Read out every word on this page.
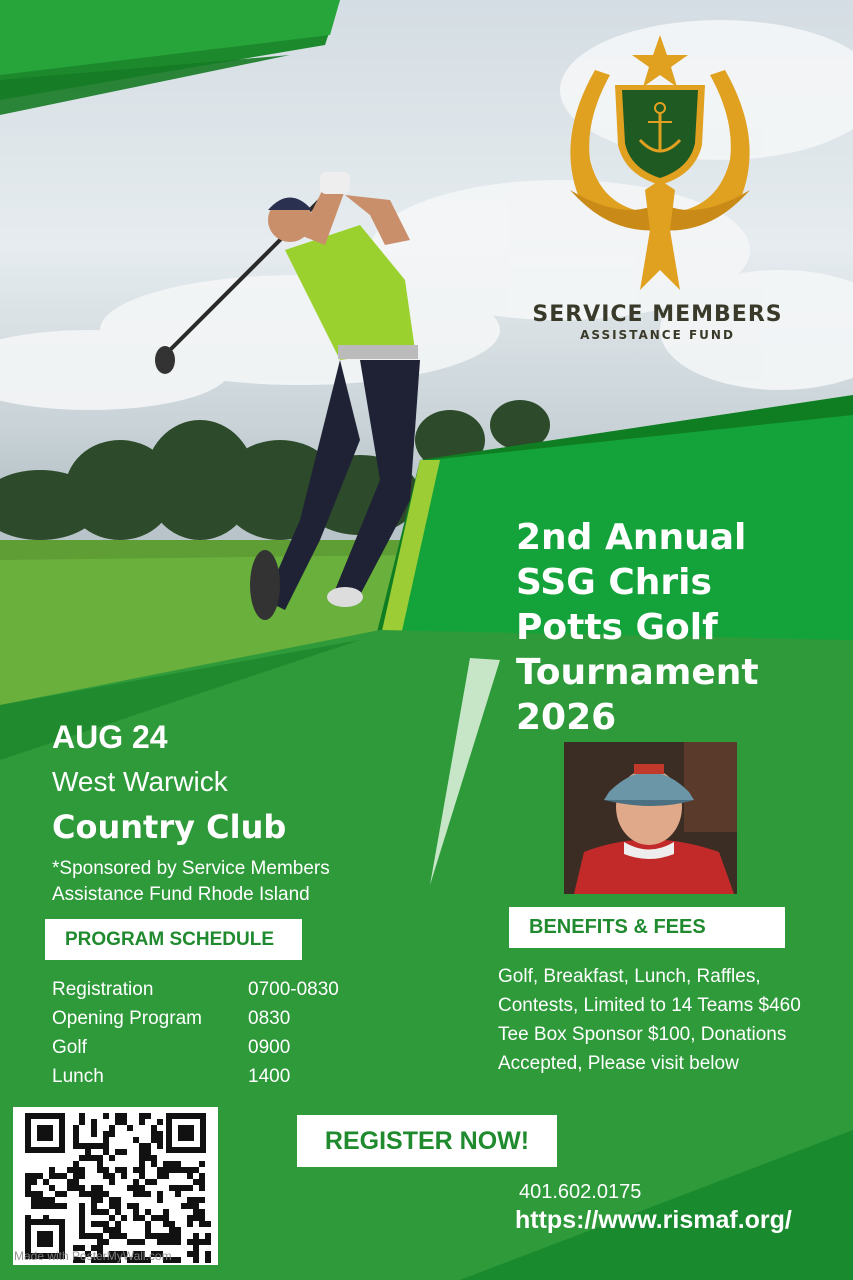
SERVICE MEMBERS
ASSISTANCE FUND
2nd Annual
SSG Chris
Potts Golf
Tournament
2026
AUG 24
West Warwick
Country Club
*Sponsored by Service Members
Assistance Fund Rhode Island
PROGRAM SCHEDULE
Registration	0700-0830
Opening Program 0830
Golf	0900
Lunch	1400
BENEFITS & FEES
Golf, Breakfast, Lunch, Raffles,
Contests, Limited to 14 Teams $460
Tee Box Sponsor $100, Donations
Accepted, Please visit below
REGISTER NOW!
401.602.0175
https://www.rismaf.org/
Made with PosterMyWall.com
